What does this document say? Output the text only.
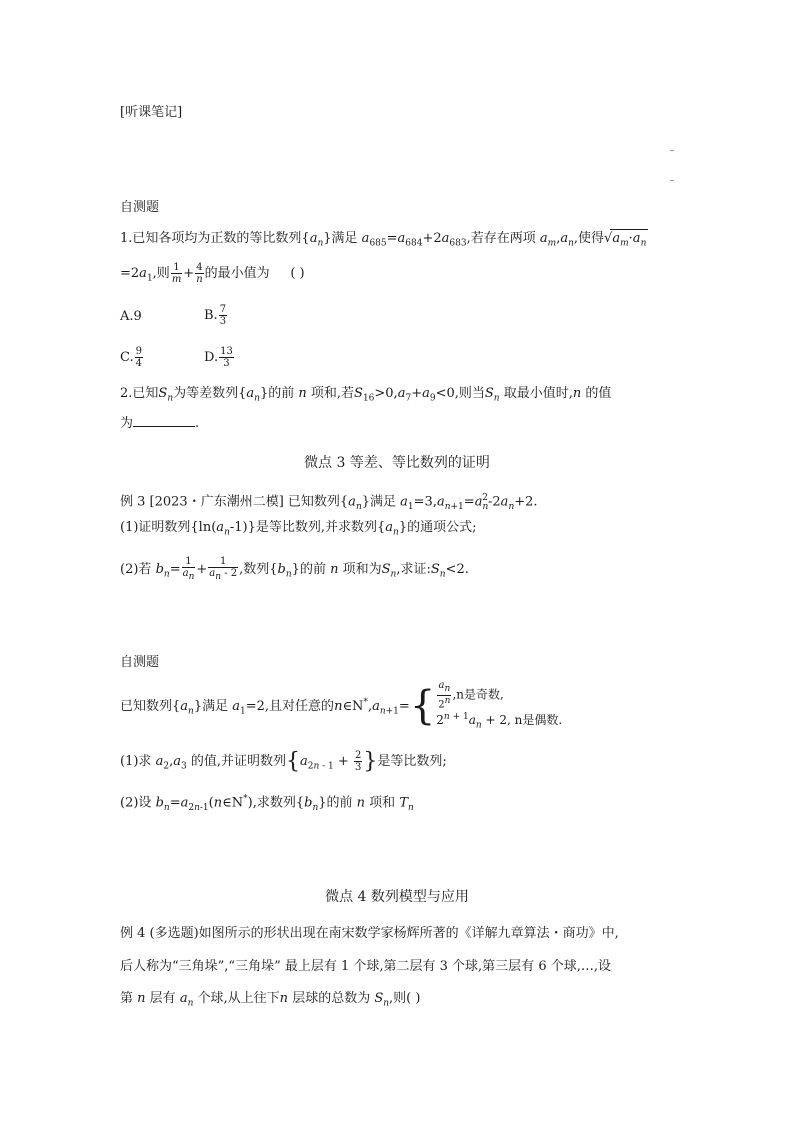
[听课笔记]
自测题
1.已知各项均为正数的等比数列$\{a_n\}$满足 $a_{685}=a_{684}+2a_{683}$,若存在两项 $a_m,a_n$,使得$√a_m\cdot a_n$
$=2a_1$,则 $\frac{1}{m} + \frac{4}{n}$ 的最小值为 ( )
A.9	B. $\frac{7}{3}$
C. $\frac{9}{4}$	D. $\frac{13}{3}$
2.已知$S_n$为等差数列$\{a_n\}$的前 n 项和,若$S_{16}>0,a_7+a_9<0$,则当$S_n$ 取最小值时,n 的值
为	.
微点 3 等差、等比数列的证明
例 3 [2023・广东潮州二模] 已知数列$\{a_n\}$满足 $a_1=3,a_{n+1}=a_n^2-2a_n+2$.
(1)证明数列$\{\ln(a_n-1)\}$是等比数列,并求数列$\{a_n\}$的通项公式;
(2)若 $b_n= \frac{1}{a_n} + \frac{1}{a_n - 2}$ ,数列$\{b_n\}$的前 n 项和为$S_n$,求证$:S_n<2$.
自测题
已知数列$\{a_n\}$满足 $a_1=2$,且对任意的$n\in N^*,a_{n+1}=\{ \frac{a_n}{2^n} ,n$是奇数,
$2^{n + 1}a_n + 2$, n是偶数.
(1)求 $a_2,a_3$ 的值,并证明数列{$a_{2n - 1} + \frac{2}{3}$ }是等比数列;
(2)设 $b_n=a_{2n-1}(n\in N^*)$,求数列$\{b_n\}$的前 n 项和 $T_n$
微点 4 数列模型与应用
例 4 (多选题)如图所示的形状出现在南宋数学家杨辉所著的《详解九章算法・商功》中,
后人称为“三角垛”,“三角垛” 最上层有 1 个球,第二层有 3 个球,第三层有 6 个球,…,设
第 n 层有 $a_n$ 个球,从上往下n 层球的总数为 $S_n$,则( )
